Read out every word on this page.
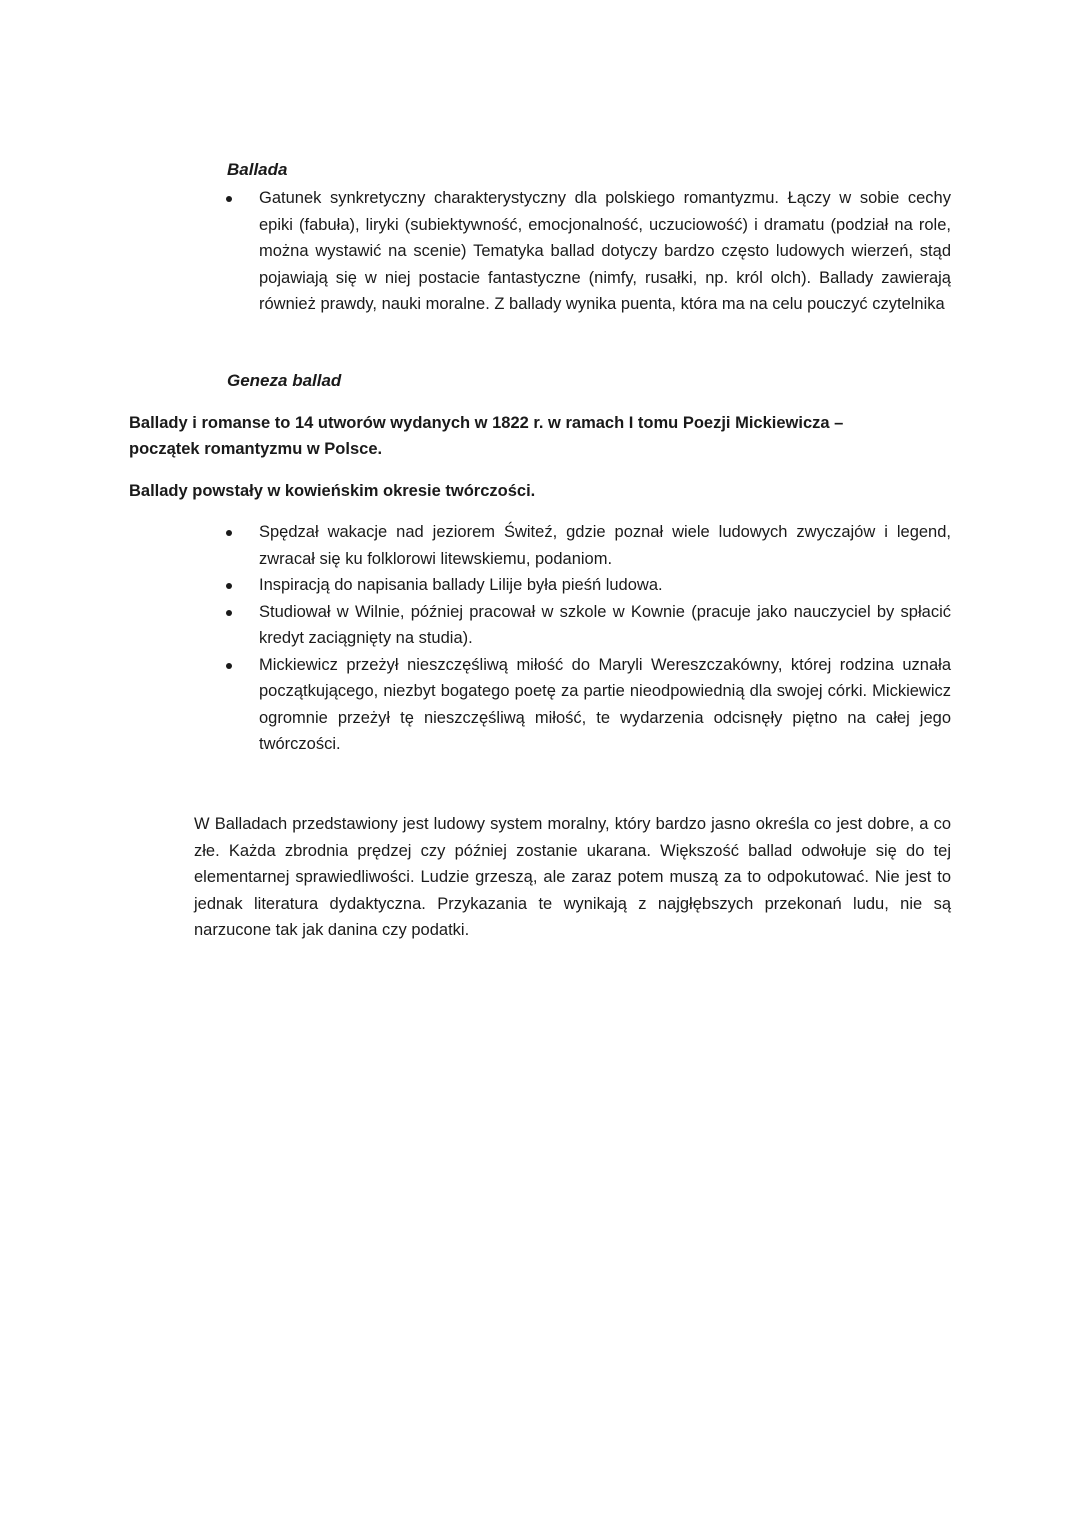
Ballada
Gatunek synkretyczny charakterystyczny dla polskiego romantyzmu. Łączy w sobie cechy epiki (fabuła), liryki (subiektywność, emocjonalność, uczuciowość) i dramatu (podział na role, można wystawić na scenie) Tematyka ballad dotyczy bardzo często ludowych wierzeń, stąd pojawiają się w niej postacie fantastyczne (nimfy, rusałki, np. król olch). Ballady zawierają również prawdy, nauki moralne. Z ballady wynika puenta, która ma na celu pouczyć czytelnika
Geneza ballad

Ballady i romanse to 14 utworów wydanych w 1822 r. w ramach I tomu Poezji Mickiewicza – początek romantyzmu w Polsce.

Ballady powstały w kowieńskim okresie twórczości.

Spędzał wakacje nad jeziorem Świteź, gdzie poznał wiele ludowych zwyczajów i legend, zwracał się ku folklorowi litewskiemu, podaniom.
Inspiracją do napisania ballady Lilije była pieśń ludowa.
Studiował w Wilnie, później pracował w szkole w Kownie (pracuje jako nauczyciel by spłacić kredyt zaciągnięty na studia).
Mickiewicz przeżył nieszczęśliwą miłość do Maryli Wereszczakówny, której rodzina uznała początkującego, niezbyt bogatego poetę za partie nieodpowiednią dla swojej córki. Mickiewicz ogromnie przeżył tę nieszczęśliwą miłość, te wydarzenia odcisnęły piętno na całej jego twórczości.

W Balladach przedstawiony jest ludowy system moralny, który bardzo jasno określa co jest dobre, a co złe. Każda zbrodnia prędzej czy później zostanie ukarana. Większość ballad odwołuje się do tej elementarnej sprawiedliwości. Ludzie grzeszą, ale zaraz potem muszą za to odpokutować. Nie jest to jednak literatura dydaktyczna. Przykazania te wynikają z najgłębszych przekonań ludu, nie są narzucone tak jak danina czy podatki.
